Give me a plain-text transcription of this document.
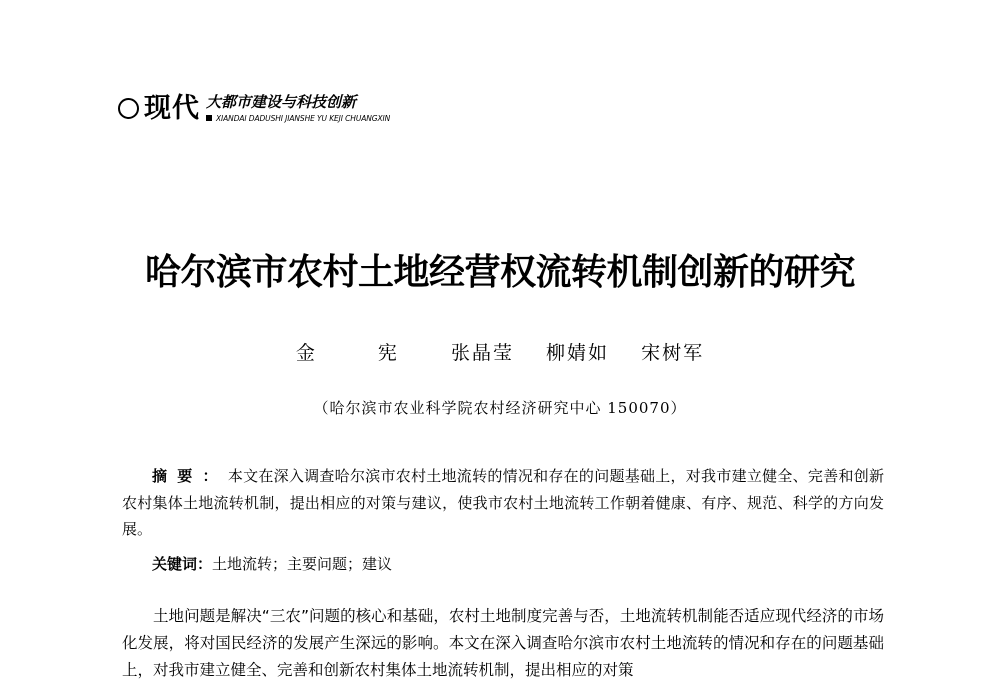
现代 大都市建设与科技创新
XIANDAI DADUSHI JIANSHE YU KEJI CHUANGXIN
哈尔滨市农村土地经营权流转机制创新的研究
金　宪 张晶莹 柳婧如 宋树军
（哈尔滨市农业科学院农村经济研究中心 150070）
摘要：本文在深入调查哈尔滨市农村土地流转的情况和存在的问题基础上，对我市建立健全、完善和创新农村集体土地流转机制，提出相应的对策与建议，使我市农村土地流转工作朝着健康、有序、规范、科学的方向发展。
关键词：土地流转；主要问题；建议
土地问题是解决“三农”问题的核心和基础，农村土地制度完善与否，土地流转机制能否适应现代经济的市场化发展，将对国民经济的发展产生深远的影响。本文在深入调查哈尔滨市农村土地流转的情况和存在的问题基础上，对我市建立健全、完善和创新农村集体土地流转机制，提出相应的对策
